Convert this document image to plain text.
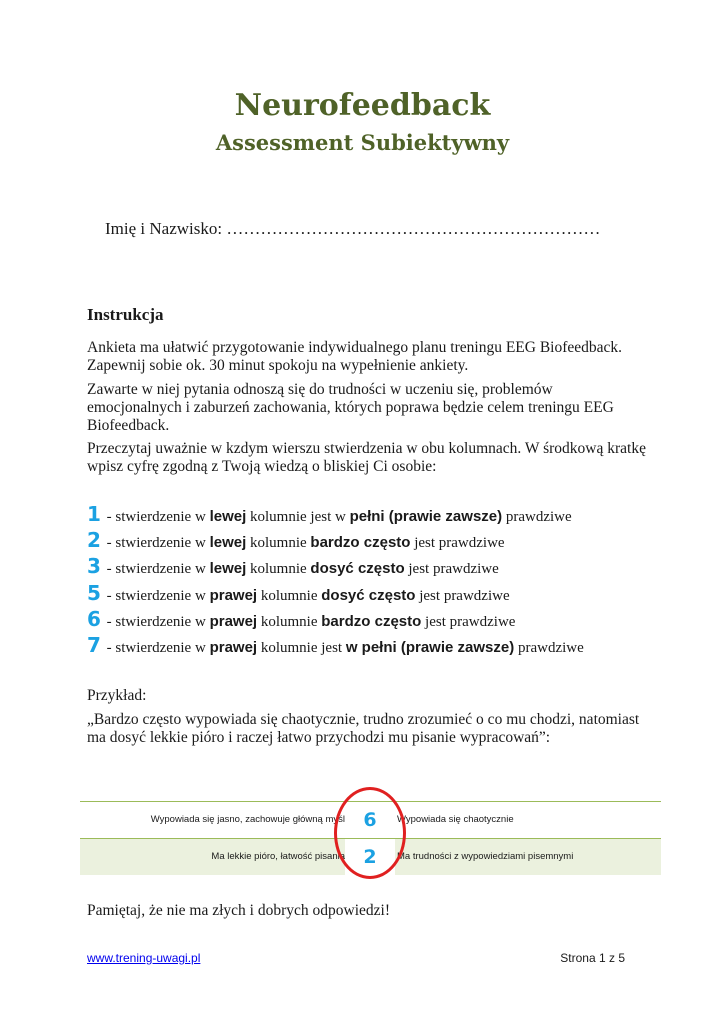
Neurofeedback
Assessment Subiektywny
Imię i Nazwisko: …………………………………………………………
Instrukcja
Ankieta ma ułatwić przygotowanie indywidualnego planu treningu EEG Biofeedback. Zapewnij sobie ok. 30 minut spokoju na wypełnienie ankiety.
Zawarte w niej pytania odnoszą się do trudności w uczeniu się, problemów emocjonalnych i zaburzeń zachowania, których poprawa będzie celem treningu EEG Biofeedback.
Przeczytaj uważnie w kzdym wierszu stwierdzenia w obu kolumnach. W środkową kratkę wpisz cyfrę zgodną z Twoją wiedzą o bliskiej Ci osobie:
1 - stwierdzenie w lewej kolumnie jest w pełni (prawie zawsze) prawdziwe
2 - stwierdzenie w lewej kolumnie bardzo często jest prawdziwe
3 - stwierdzenie w lewej kolumnie dosyć często jest prawdziwe
5 - stwierdzenie w prawej kolumnie dosyć często jest prawdziwe
6 - stwierdzenie w prawej kolumnie bardzo często jest prawdziwe
7 - stwierdzenie w prawej kolumnie jest w pełni (prawie zawsze) prawdziwe
Przykład:
„Bardzo często wypowiada się chaotycznie, trudno zrozumieć o co mu chodzi, natomiast ma dosyć lekkie pióro i raczej łatwo przychodzi mu pisanie wypracowań”:
Wypowiada się jasno, zachowuje główną myśl 6	Wypowiada się chaotycznie
Ma lekkie pióro, łatwość pisania 2	Ma trudności z wypowiedziami pisemnymi
Pamiętaj, że nie ma złych i dobrych odpowiedzi!
www.trening-uwagi.pl	Strona 1 z 5
